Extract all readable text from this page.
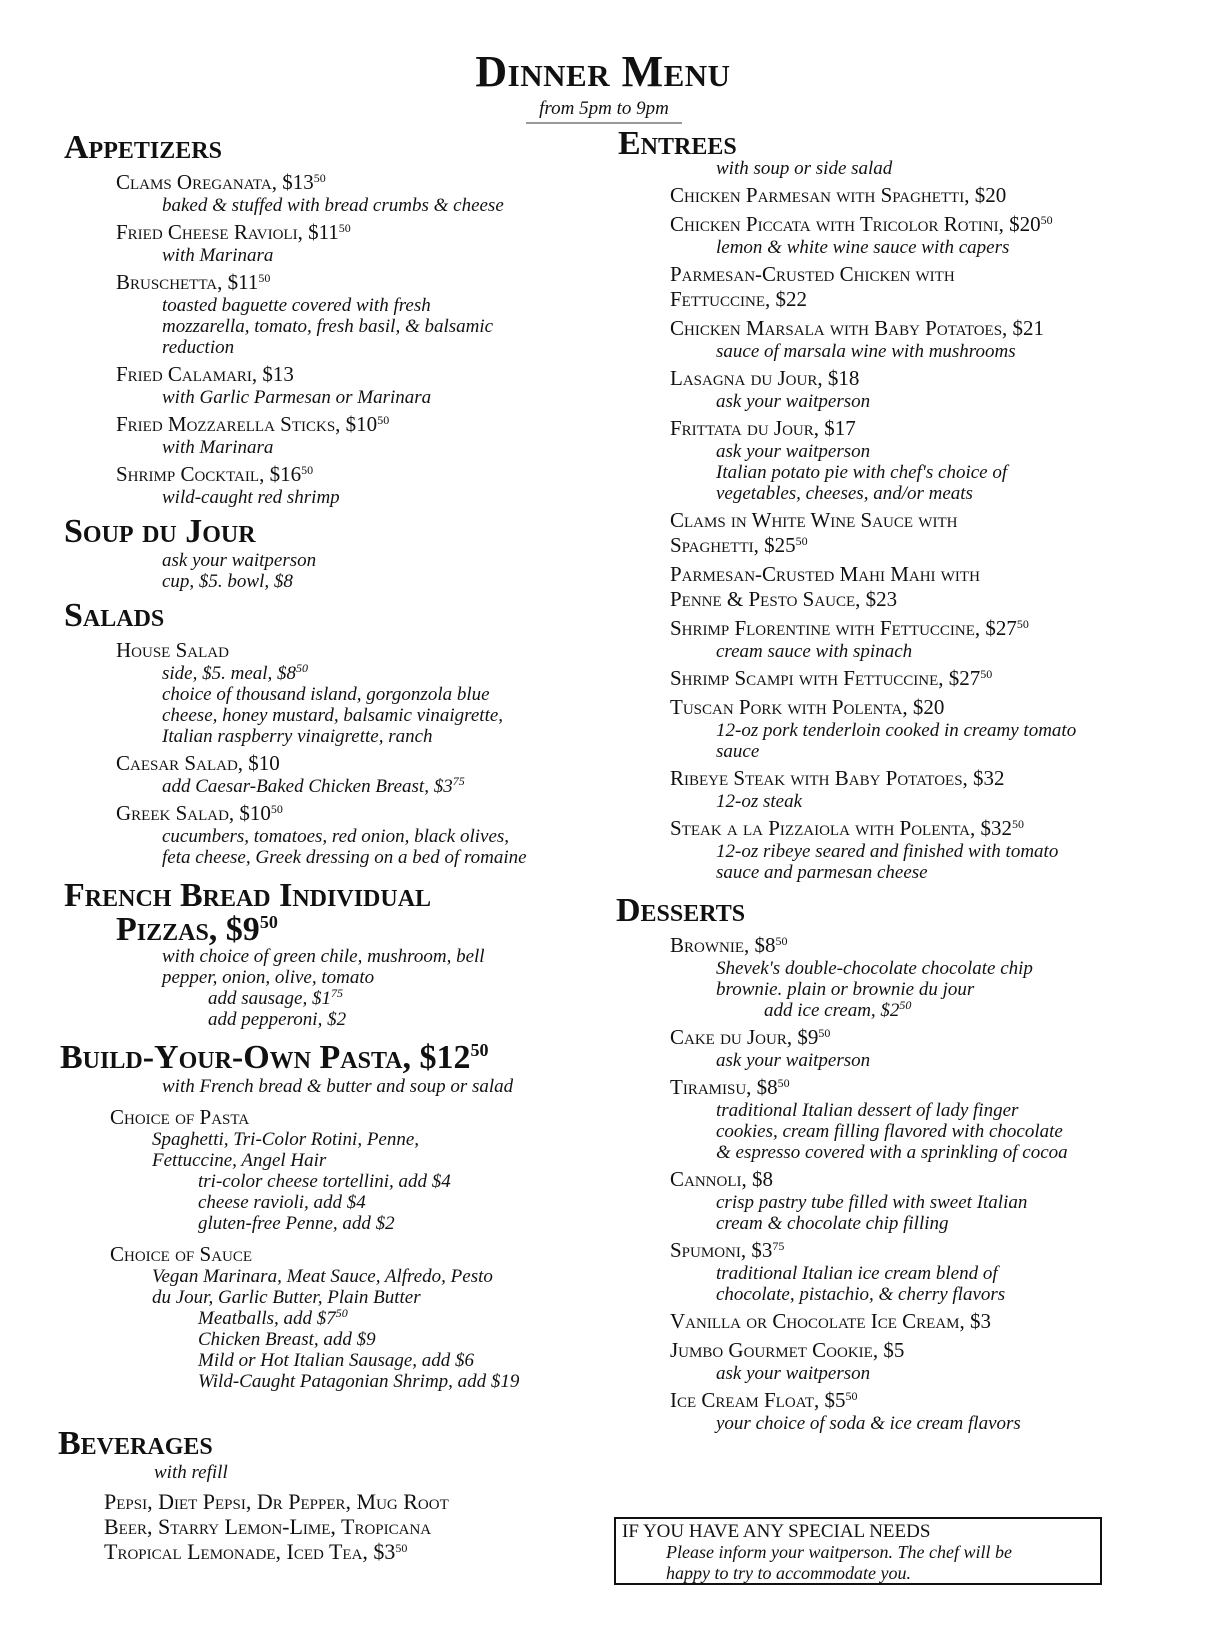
Dinner Menu
from 5pm to 9pm
Appetizers
Clams Oreganata, $\$13^{50}$
baked & stuffed with bread crumbs & cheese
Fried Cheese Ravioli, $\$11^{50}$
with Marinara
Bruschetta, $\$11^{50}$
toasted baguette covered with fresh
mozzarella, tomato, fresh basil, & balsamic
reduction
Fried Calamari, $13
with Garlic Parmesan or Marinara
Fried Mozzarella Sticks, $\$10^{50}$
with Marinara
Shrimp Cocktail, $\$16^{50}$
wild-caught red shrimp
Soup du Jour
ask your waitperson
cup, $5. bowl, $8
Salads
House Salad
side, $5. meal, $\$8^{50}$
choice of thousand island, gorgonzola blue
cheese, honey mustard, balsamic vinaigrette,
Italian raspberry vinaigrette, ranch
Caesar Salad, $10
add Caesar-Baked Chicken Breast, $\$3^{75}$
Greek Salad, $\$10^{50}$
cucumbers, tomatoes, red onion, black olives,
feta cheese, Greek dressing on a bed of romaine
French Bread Individual
Pizzas, $\$9^{50}$
with choice of green chile, mushroom, bell
pepper, onion, olive, tomato
add sausage, $\$1^{75}$
add pepperoni, $2
Build-Your-Own Pasta, $\$12^{50}$
with French bread & butter and soup or salad
Choice of Pasta
Spaghetti, Tri-Color Rotini, Penne,
Fettuccine, Angel Hair
tri-color cheese tortellini, add $4
cheese ravioli, add $4
gluten-free Penne, add $2
Choice of Sauce
Vegan Marinara, Meat Sauce, Alfredo, Pesto
du Jour, Garlic Butter, Plain Butter
Meatballs, add $\$7^{50}$
Chicken Breast, add $9
Mild or Hot Italian Sausage, add $6
Wild-Caught Patagonian Shrimp, add $19
Beverages
with refill
Pepsi, Diet Pepsi, Dr Pepper, Mug Root
Beer, Starry Lemon-Lime, Tropicana
Tropical Lemonade, Iced Tea, $\$3^{50}$
Entrees
with soup or side salad
Chicken Parmesan with Spaghetti, $20
Chicken Piccata with Tricolor Rotini, $\$20^{50}$
lemon & white wine sauce with capers
Parmesan-Crusted Chicken with
Fettuccine, $22
Chicken Marsala with Baby Potatoes, $21
sauce of marsala wine with mushrooms
Lasagna du Jour, $18
ask your waitperson
Frittata du Jour, $17
ask your waitperson
Italian potato pie with chef's choice of
vegetables, cheeses, and/or meats
Clams in White Wine Sauce with
Spaghetti, $\$25^{50}$
Parmesan-Crusted Mahi Mahi with
Penne & Pesto Sauce, $23
Shrimp Florentine with Fettuccine, $\$27^{50}$
cream sauce with spinach
Shrimp Scampi with Fettuccine, $\$27^{50}$
Tuscan Pork with Polenta, $20
12-oz pork tenderloin cooked in creamy tomato
sauce
Ribeye Steak with Baby Potatoes, $32
12-oz steak
Steak a la Pizzaiola with Polenta, $\$32^{50}$
12-oz ribeye seared and finished with tomato
sauce and parmesan cheese
Desserts
Brownie, $\$8^{50}$
Shevek's double-chocolate chocolate chip
brownie. plain or brownie du jour
add ice cream, $\$2^{50}$
Cake du Jour, $\$9^{50}$
ask your waitperson
Tiramisu, $\$8^{50}$
traditional Italian dessert of lady finger
cookies, cream filling flavored with chocolate
& espresso covered with a sprinkling of cocoa
Cannoli, $8
crisp pastry tube filled with sweet Italian
cream & chocolate chip filling
Spumoni, $\$3^{75}$
traditional Italian ice cream blend of
chocolate, pistachio, & cherry flavors
Vanilla or Chocolate Ice Cream, $3
Jumbo Gourmet Cookie, $5
ask your waitperson
Ice Cream Float, $\$5^{50}$
your choice of soda & ice cream flavors
IF YOU HAVE ANY SPECIAL NEEDS
Please inform your waitperson. The chef will be
happy to try to accommodate you.
